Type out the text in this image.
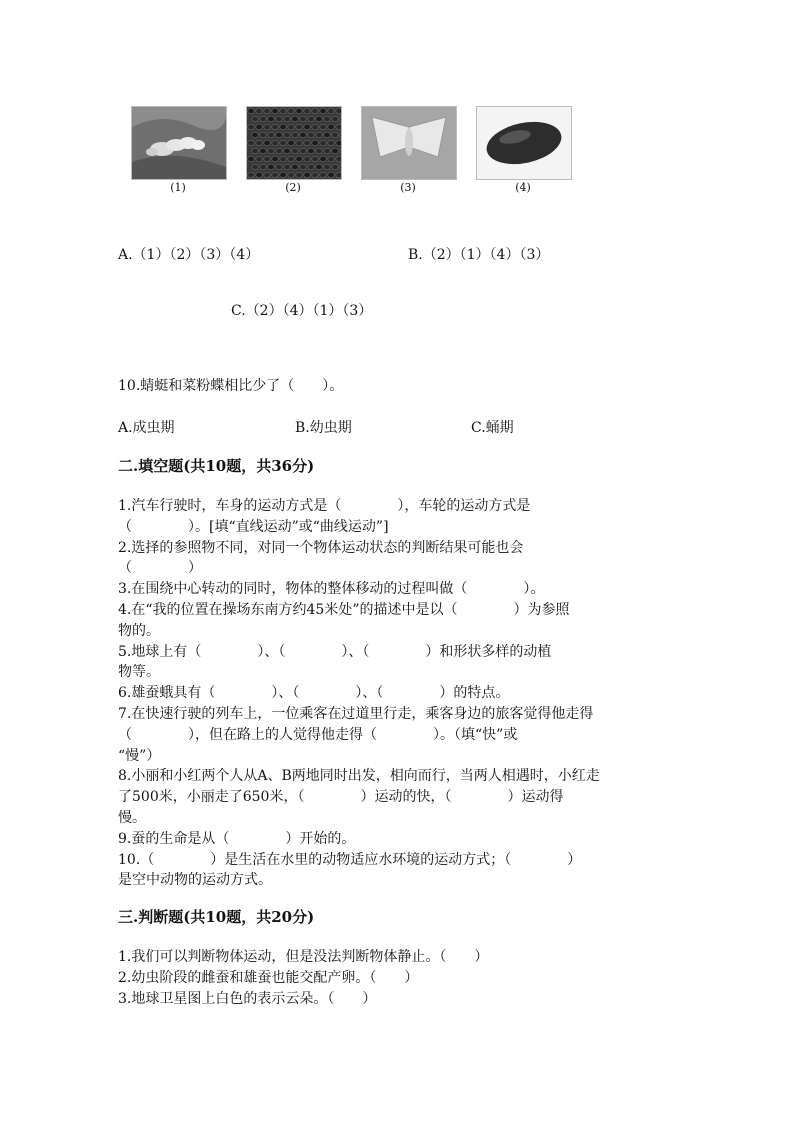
(1)	(2)	(3)	(4)
A.（1）（2）（3）（4）	B.（2）（1）（4）（3）
C.（2）（4）（1）（3）
10.蜻蜓和菜粉蝶相比少了（　　）。
A.成虫期	B.幼虫期	C.蛹期
二.填空题(共10题，共36分)
1.汽车行驶时，车身的运动方式是（　　　　），车轮的运动方式是
（　　　　）。[填“直线运动”或“曲线运动”]
2.选择的参照物不同，对同一个物体运动状态的判断结果可能也会
（　　　　）
3.在围绕中心转动的同时，物体的整体移动的过程叫做（　　　　）。
4.在“我的位置在操场东南方约45米处”的描述中是以（　　　　）为参照
物的。
5.地球上有（　　　　）、（　　　　）、（　　　　）和形状多样的动植
物等。
6.雄蚕蛾具有（　　　　）、（　　　　）、（　　　　）的特点。
7.在快速行驶的列车上，一位乘客在过道里行走，乘客身边的旅客觉得他走得
（　　　　），但在路上的人觉得他走得（　　　　）。（填“快”或
“慢”）
8.小丽和小红两个人从A、B两地同时出发，相向而行，当两人相遇时，小红走
了500米，小丽走了650米，（　　　　）运动的快，（　　　　）运动得
慢。
9.蚕的生命是从（　　　　）开始的。
10.（　　　　）是生活在水里的动物适应水环境的运动方式；（　　　　）
是空中动物的运动方式。
三.判断题(共10题，共20分)
1.我们可以判断物体运动，但是没法判断物体静止。（　　）
2.幼虫阶段的雌蚕和雄蚕也能交配产卵。（　　）
3.地球卫星图上白色的表示云朵。（　　）
